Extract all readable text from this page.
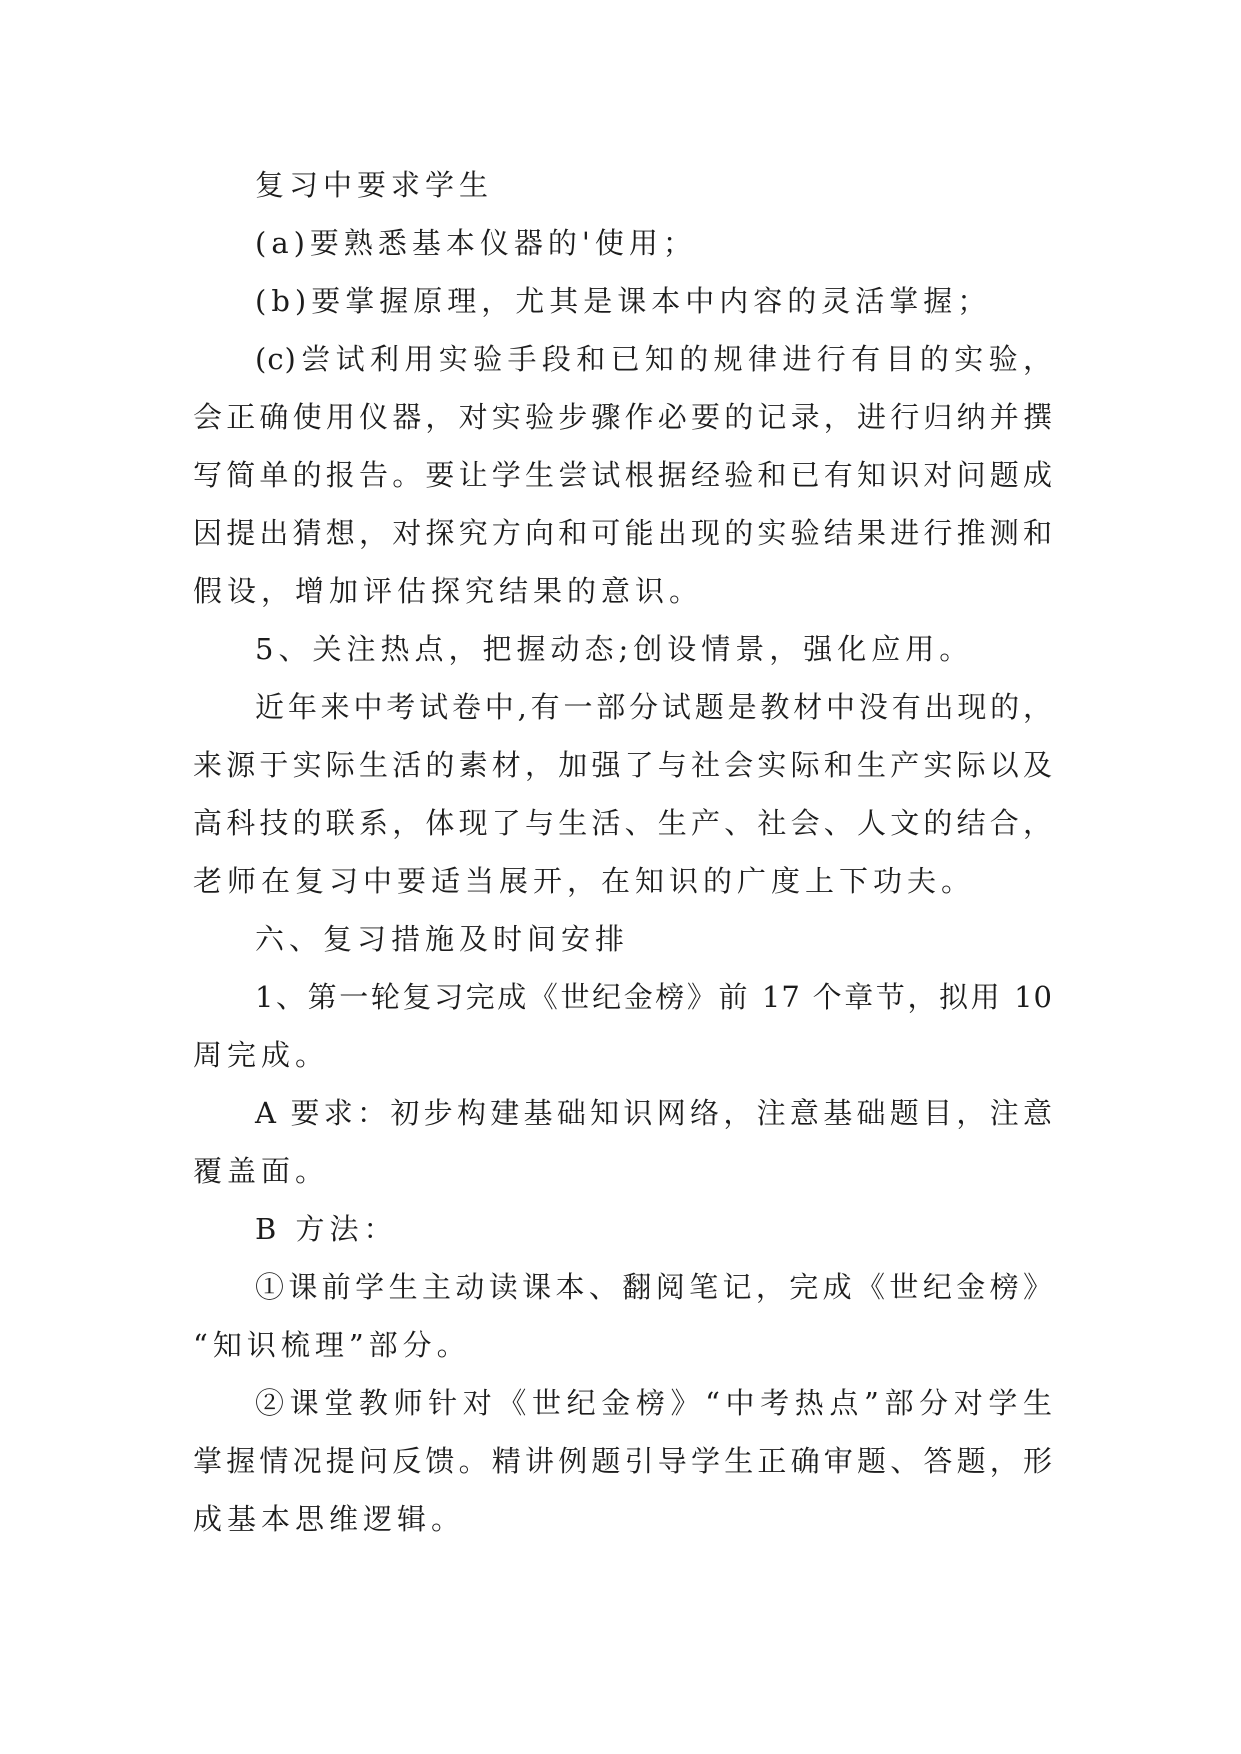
复习中要求学生
(a)要熟悉基本仪器的'使用；
(b)要掌握原理，尤其是课本中内容的灵活掌握；
(c)尝试利用实验手段和已知的规律进行有目的实验，
会正确使用仪器，对实验步骤作必要的记录，进行归纳并撰
写简单的报告。要让学生尝试根据经验和已有知识对问题成
因提出猜想，对探究方向和可能出现的实验结果进行推测和
假设，增加评估探究结果的意识。
5、关注热点，把握动态;创设情景，强化应用。
近年来中考试卷中,有一部分试题是教材中没有出现的，
来源于实际生活的素材，加强了与社会实际和生产实际以及
高科技的联系，体现了与生活、生产、社会、人文的结合，
老师在复习中要适当展开，在知识的广度上下功夫。
六、复习措施及时间安排
1、第一轮复习完成《世纪金榜》前 17 个章节，拟用 10
周完成。
A 要求：初步构建基础知识网络，注意基础题目，注意
覆盖面。
B 方法：
①课前学生主动读课本、翻阅笔记，完成《世纪金榜》
“知识梳理”部分。
②课堂教师针对《世纪金榜》“中考热点”部分对学生
掌握情况提问反馈。精讲例题引导学生正确审题、答题，形
成基本思维逻辑。
